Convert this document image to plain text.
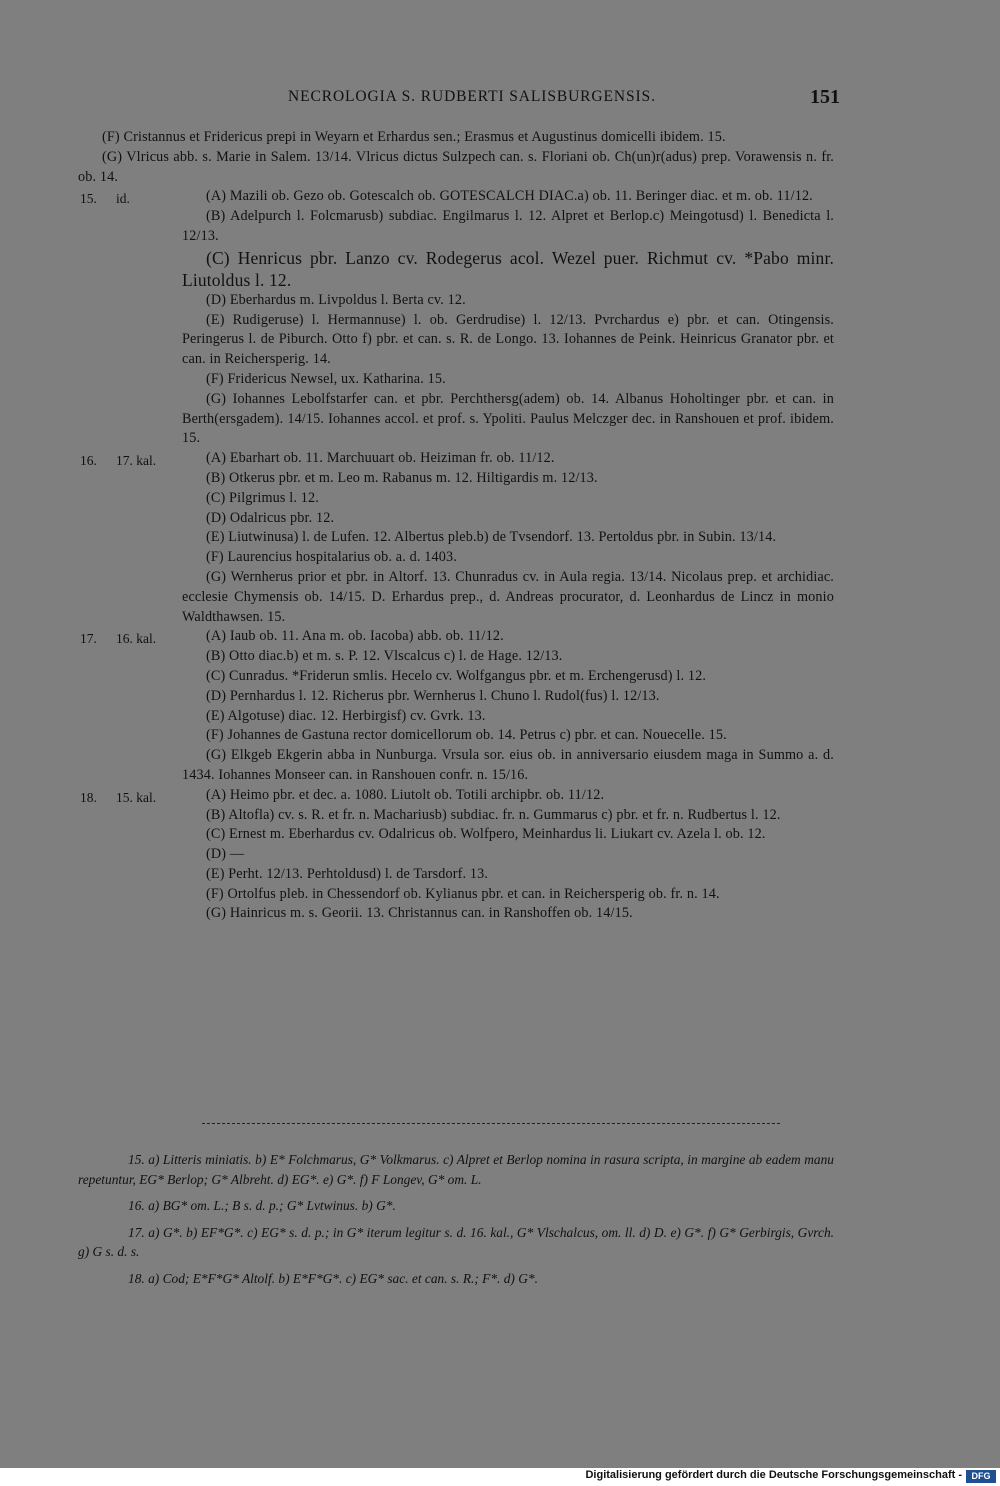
NECROLOGIA S. RUDBERTI SALISBURGENSIS.	151

(F) Cristannus et Fridericus prepi in Weyarn et Erhardus sen.; Erasmus et Augustinus domicelli ibidem. 15.

(G) Vlricus abb. s. Marie in Salem. 13/14. Vlricus dictus Sulzpech can. s. Floriani ob. Ch(un)r(adus) prep. Vorawensis n. fr. ob. 14.

15. id.	(A) Mazili ob. Gezo ob. Gotescalch ob. GOTESCALCH DIAC.a) ob. 11. Beringer diac. et m. ob. 11/12.

(B) Adelpurch l. Folcmarusb) subdiac. Engilmarus l. 12. Alpret et Berlop.c) Meingotusd) l. Benedicta l. 12/13.

(C) Henricus pbr. Lanzo cv. Rodegerus acol. Wezel puer. Richmut cv. *Pabo minr. Liutoldus l. 12.

(D) Eberhardus m. Livpoldus l. Berta cv. 12.

(E) Rudigeruse) l. Hermannuse) l. ob. Gerdrudise) l. 12/13. Pvrchardus e) pbr. et can. Otingensis. Peringerus l. de Piburch. Otto f) pbr. et can. s. R. de Longo. 13. Iohannes de Peink. Heinricus Granator pbr. et can. in Reichersperig. 14.

(F) Fridericus Newsel, ux. Katharina. 15.

(G) Iohannes Lebolfstarfer can. et pbr. Perchthersg(adem) ob. 14. Albanus Hoholtinger pbr. et can. in Berth(ersgadem). 14/15. Iohannes accol. et prof. s. Ypoliti. Paulus Melczger dec. in Ranshouen et prof. ibidem. 15.

16. 17. kal.	(A) Ebarhart ob. 11. Marchuuart ob. Heiziman fr. ob. 11/12.

(B) Otkerus pbr. et m. Leo m. Rabanus m. 12. Hiltigardis m. 12/13.

(C) Pilgrimus l. 12.

(D) Odalricus pbr. 12.

(E) Liutwinusa) l. de Lufen. 12. Albertus pleb.b) de Tvsendorf. 13. Pertoldus pbr. in Subin. 13/14.

(F) Laurencius hospitalarius ob. a. d. 1403.

(G) Wernherus prior et pbr. in Altorf. 13. Chunradus cv. in Aula regia. 13/14. Nicolaus prep. et archidiac. ecclesie Chymensis ob. 14/15. D. Erhardus prep., d. Andreas procurator, d. Leonhardus de Lincz in monio Waldthawsen. 15.

17. 16. kal.	(A) Iaub ob. 11. Ana m. ob. Iacoba) abb. ob. 11/12.

(B) Otto diac.b) et m. s. P. 12. Vlscalcus c) l. de Hage. 12/13.

(C) Cunradus. *Friderun smlis. Hecelo cv. Wolfgangus pbr. et m. Erchengerusd) l. 12.

(D) Pernhardus l. 12. Richerus pbr. Wernherus l. Chuno l. Rudol(fus) l. 12/13.

(E) Algotuse) diac. 12. Herbirgisf) cv. Gvrk. 13.

(F) Johannes de Gastuna rector domicellorum ob. 14. Petrus c) pbr. et can. Nouecelle. 15.

(G) Elkgeb Ekgerin abba in Nunburga. Vrsula sor. eius ob. in anniversario eiusdem maga in Summo a. d. 1434. Iohannes Monseer can. in Ranshouen confr. n. 15/16.

18. 15. kal.	(A) Heimo pbr. et dec. a. 1080. Liutolt ob. Totili archipbr. ob. 11/12.

(B) Altofla) cv. s. R. et fr. n. Machariusb) subdiac. fr. n. Gummarus c) pbr. et fr. n. Rudbertus l. 12.

(C) Ernest m. Eberhardus cv. Odalricus ob. Wolfpero, Meinhardus li. Liukart cv. Azela l. ob. 12.

(D) —

(E) Perht. 12/13. Perhtoldusd) l. de Tarsdorf. 13.

(F) Ortolfus pleb. in Chessendorf ob. Kylianus pbr. et can. in Reichersperig ob. fr. n. 14.

(G) Hainricus m. s. Georii. 13. Christannus can. in Ranshoffen ob. 14/15.

15. a) Litteris miniatis. b) E* Folchmarus, G* Volkmarus. c) Alpret et Berlop nomina in rasura scripta, in margine ab eadem manu repetuntur, EG* Berlop; G* Albreht. d) EG*. e) G*. f) F Longev, G* om. L.

16. a) BG* om. L.; B s. d. p.; G* Lvtwinus. b) G*.

17. a) G*. b) EF*G*. c) EG* s. d. p.; in G* iterum legitur s. d. 16. kal., G* Vlschalcus, om. ll. d) D. e) G*. f) G* Gerbirgis, Gvrch. g) G s. d. s.

18. a) Cod; E*F*G* Altolf. b) E*F*G*. c) EG* sac. et can. s. R.; F*. d) G*.

Digitalisierung gefördert durch die Deutsche Forschungsgemeinschaft -	DFG
